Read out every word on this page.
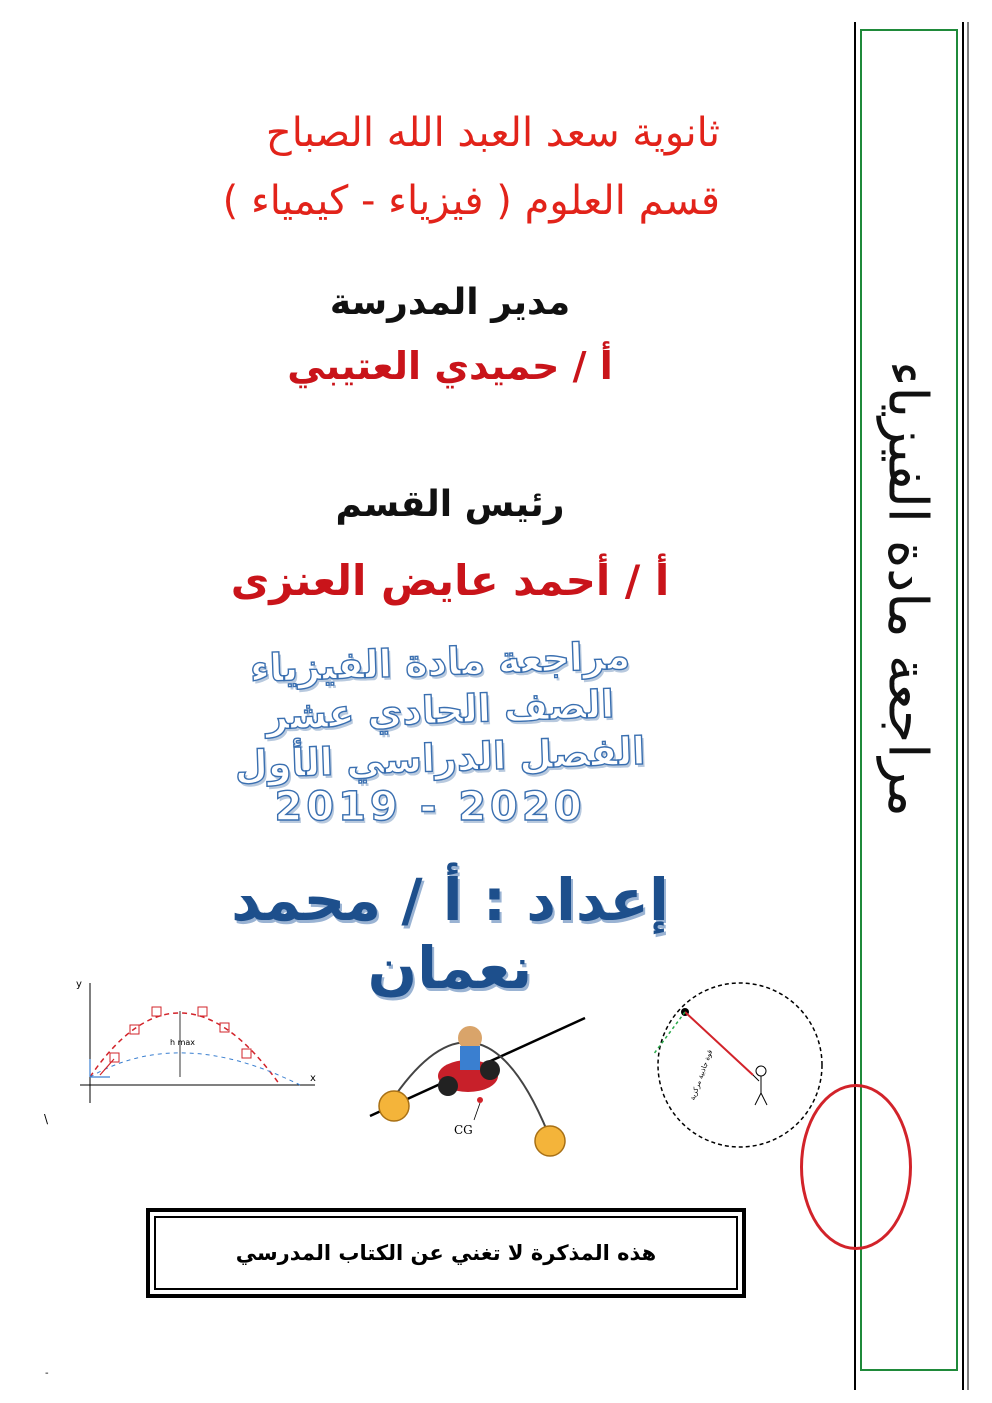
مراجعة مادة الفيزياء
ثانوية سعد العبد الله الصباح
قسم العلوم ( فيزياء - كيمياء )
مدير المدرسة
أ / حميدي العتيبي
رئيس القسم
أ / أحمد عايض العنزى
مراجعة مادة الفيزياء
الصف الحادي عشر
الفصل الدراسي الأول
2019 - 2020
إعداد : أ / محمد نعمان
y
x
h max
\
CG
قوة جاذبية مركزية
هذه المذكرة لا تغني عن الكتاب المدرسي
-
